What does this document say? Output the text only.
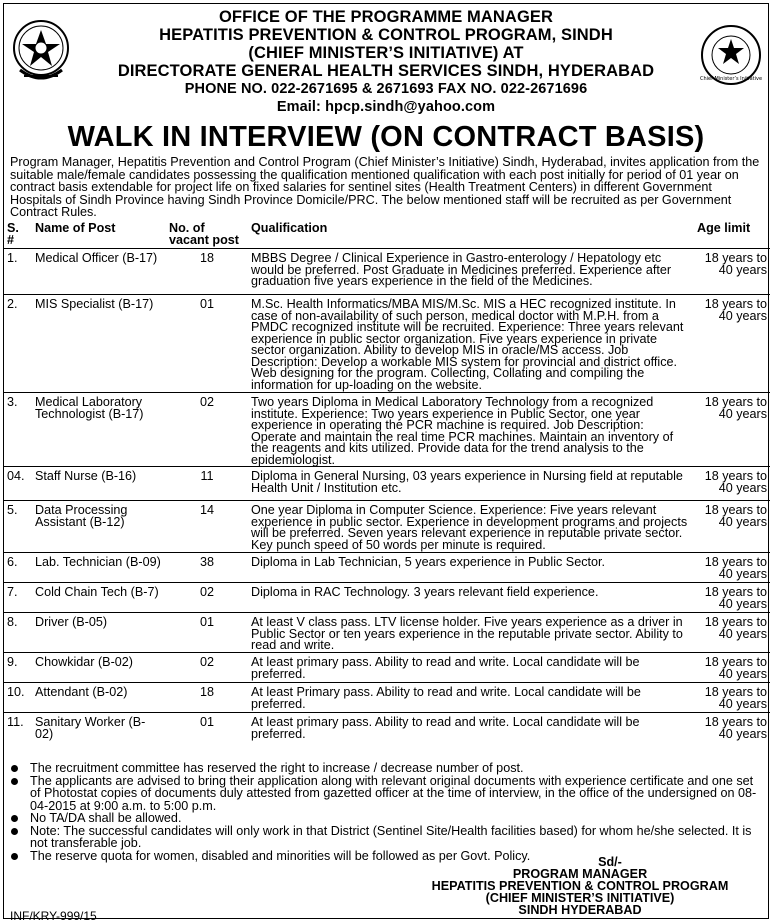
OFFICE OF THE PROGRAMME MANAGER
HEPATITIS PREVENTION & CONTROL PROGRAM, SINDH
(CHIEF MINISTER’S INITIATIVE) AT
DIRECTORATE GENERAL HEALTH SERVICES SINDH, HYDERABAD
PHONE NO. 022-2671695 & 2671693 FAX NO. 022-2671696
Email: hpcp.sindh@yahoo.com
Chief Minister’s Initiative
WALK IN INTERVIEW (ON CONTRACT BASIS)
Program Manager, Hepatitis Prevention and Control Program (Chief Minister’s Initiative) Sindh, Hyderabad, invites application from the suitable male/female candidates possessing the qualification mentioned qualification with each post initially for period of 01 year on contract basis extendable for project life on fixed salaries for sentinel sites (Health Treatment Centers) in different Government Hospitals of Sindh Province having Sindh Province Domicile/PRC. The below mentioned staff will be recruited as per Government Contract Rules.
S. #	Name of Post	No. of vacant post	Qualification	Age limit
1.	Medical Officer (B-17)	18	MBBS Degree / Clinical Experience in Gastro-enterology / Hepatology etc would be preferred. Post Graduate in Medicines preferred. Experience after graduation five years experience in the field of the Medicines.	18 years to 40 years
2.	MIS Specialist (B-17)	01	M.Sc. Health Informatics/MBA MIS/M.Sc. MIS a HEC recognized institute. In case of non-availability of such person, medical doctor with M.P.H. from a PMDC recognized institute will be recruited. Experience: Three years relevant experience in public sector organization. Five years experience in private sector organization. Ability to develop MIS in oracle/MS access. Job Description: Develop a workable MIS system for provincial and district office. Web designing for the program. Collecting, Collating and compiling the information for up-loading on the website.	18 years to 40 years
3.	Medical Laboratory Technologist (B-17)	02	Two years Diploma in Medical Laboratory Technology from a recognized institute. Experience: Two years experience in Public Sector, one year experience in operating the PCR machine is required. Job Description: Operate and maintain the real time PCR machines. Maintain an inventory of the reagents and kits utilized. Provide data for the trend analysis to the epidemiologist.	18 years to 40 years
04.	Staff Nurse (B-16)	11	Diploma in General Nursing, 03 years experience in Nursing field at reputable Health Unit / Institution etc.	18 years to 40 years
5.	Data Processing Assistant (B-12)	14	One year Diploma in Computer Science. Experience: Five years relevant experience in public sector. Experience in development programs and projects will be preferred. Seven years relevant experience in reputable private sector. Key punch speed of 50 words per minute is required.	18 years to 40 years
6.	Lab. Technician (B-09)	38	Diploma in Lab Technician, 5 years experience in Public Sector.	18 years to 40 years
7.	Cold Chain Tech (B-7)	02	Diploma in RAC Technology. 3 years relevant field experience.	18 years to 40 years
8.	Driver (B-05)	01	At least V class pass. LTV license holder. Five years experience as a driver in Public Sector or ten years experience in the reputable private sector. Ability to read and write.	18 years to 40 years
9.	Chowkidar (B-02)	02	At least primary pass. Ability to read and write. Local candidate will be preferred.	18 years to 40 years
10.	Attendant (B-02)	18	At least Primary pass. Ability to read and write. Local candidate will be preferred.	18 years to 40 years
11.	Sanitary Worker (B-02)	01	At least primary pass. Ability to read and write. Local candidate will be preferred.	18 years to 40 years
The recruitment committee has reserved the right to increase / decrease number of post.
The applicants are advised to bring their application along with relevant original documents with experience certificate and one set of Photostat copies of documents duly attested from gazetted officer at the time of interview, in the office of the undersigned on 08-04-2015 at 9:00 a.m. to 5:00 p.m.
No TA/DA shall be allowed.
Note: The successful candidates will only work in that District (Sentinel Site/Health facilities based) for whom he/she selected. It is not transferable job.
The reserve quota for women, disabled and minorities will be followed as per Govt. Policy.	Sd/-
PROGRAM MANAGER
HEPATITIS PREVENTION & CONTROL PROGRAM
(CHIEF MINISTER’S INITIATIVE)
SINDH HYDERABAD
INF/KRY-999/15
